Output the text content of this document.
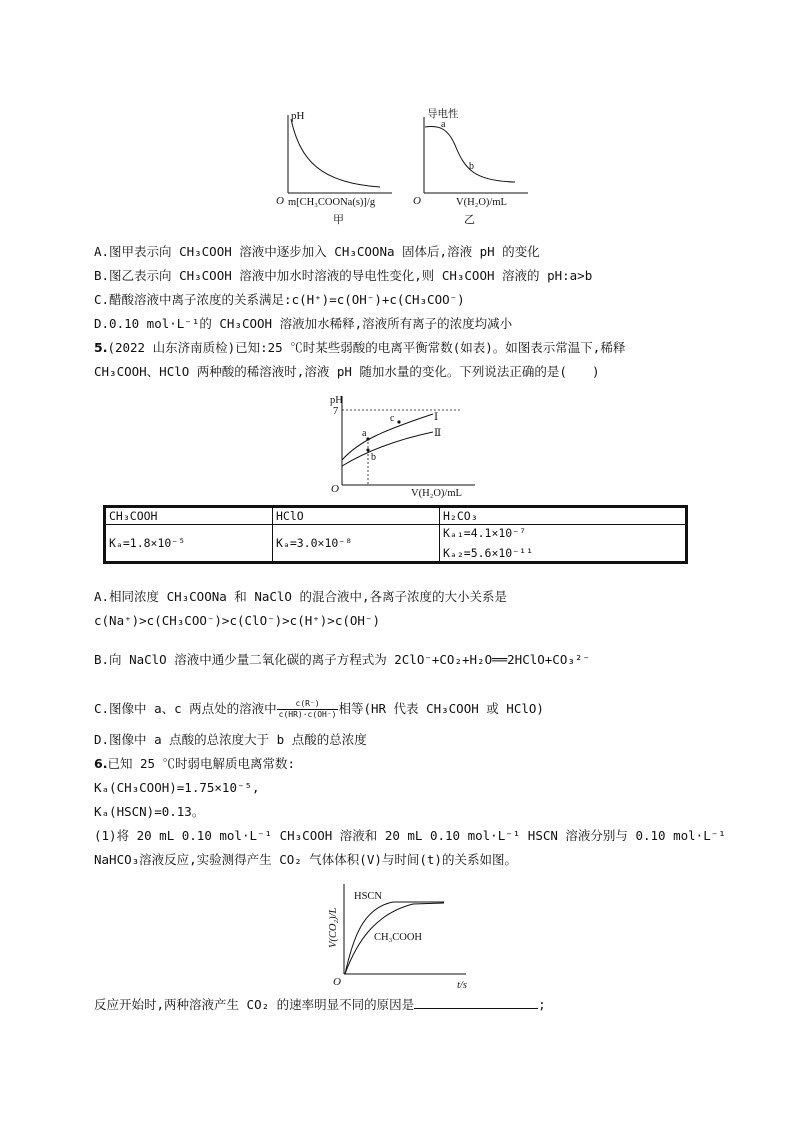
pH
O m[CH₃COONa(s)]/g
甲
导电性
a
b
O	V(H₂O)/mL
乙
A.图甲表示向 CH₃COOH 溶液中逐步加入 CH₃COONa 固体后,溶液 pH 的变化
B.图乙表示向 CH₃COOH 溶液中加水时溶液的导电性变化,则 CH₃COOH 溶液的 pH:a>b
C.醋酸溶液中离子浓度的关系满足:c(H⁺)=c(OH⁻)+c(CH₃COO⁻)
D.0.10 mol·L⁻¹的 CH₃COOH 溶液加水稀释,溶液所有离子的浓度均减小
5.(2022 山东济南质检)已知:25 ℃时某些弱酸的电离平衡常数(如表)。如图表示常温下,稀释
CH₃COOH、HClO 两种酸的稀溶液时,溶液 pH 随加水量的变化。下列说法正确的是(　　)
pH
7
a
b
c	Ⅰ
Ⅱ
O	V(H₂O)/mL
CH₃COOH	HClO	H₂CO₃
Kₐ=1.8×10⁻⁵	Kₐ=3.0×10⁻⁸	Kₐ₁=4.1×10⁻⁷
Kₐ₂=5.6×10⁻¹¹
A.相同浓度 CH₃COONa 和 NaClO 的混合液中,各离子浓度的大小关系是
c(Na⁺)>c(CH₃COO⁻)>c(ClO⁻)>c(H⁺)>c(OH⁻)
B.向 NaClO 溶液中通少量二氧化碳的离子方程式为 2ClO⁻+CO₂+H₂O══2HClO+CO₃²⁻
C.图像中 a、c 两点处的溶液中 $\frac{c(R^-)}{c(HR)\cdot c(OH^-)}$ 相等(HR 代表 CH₃COOH 或 HClO)
D.图像中 a 点酸的总浓度大于 b 点酸的总浓度
6.已知 25 ℃时弱电解质电离常数:
Kₐ(CH₃COOH)=1.75×10⁻⁵,
Kₐ(HSCN)=0.13。
(1)将 20 mL 0.10 mol·L⁻¹ CH₃COOH 溶液和 20 mL 0.10 mol·L⁻¹ HSCN 溶液分别与 0.10 mol·L⁻¹
NaHCO₃溶液反应,实验测得产生 CO₂ 气体体积(V)与时间(t)的关系如图。
V(CO₂)/L
HSCN
CH₃COOH
O	t/s
反应开始时,两种溶液产生 CO₂ 的速率明显不同的原因是	;
